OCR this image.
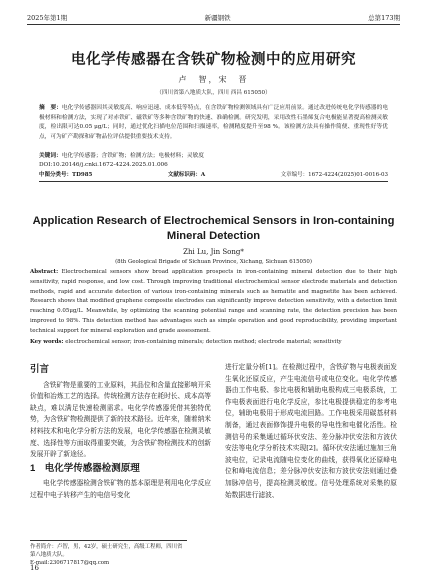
2025年第1期	新疆钢铁	总第173期
电化学传感器在含铁矿物检测中的应用研究
卢　智，宋　晋
（四川省第八地质大队，四川 西昌 615050）
摘　要：电化学传感器因其灵敏度高、响应迅速、成本低等特点，在含铁矿物检测领域具有广泛应用前景。通过改进传统电化学传感器的电极材料和检测方法，实现了对赤铁矿、磁铁矿等多种含铁矿物的快速、准确检测。研究发明，采用改性石墨烯复合电极能显著提高检测灵敏度，检出限可达0.05 μg/L；同时，通过优化扫描电位范围和扫描速率，检测精度提升至98 %。该检测方法具有操作简便、重现性好等优点，可为矿产勘探和矿物品位评估提供重要技术支持。
关键词：电化学传感器；含铁矿物；检测方法；电极材料；灵敏度
DOI:10.20146/j.cnki.1672-4224.2025.01.006
中图分类号：TD985	文献标识码：A	文章编号：1672-4224(2025)01-0016-03
Application Research of Electrochemical Sensors in Iron-containing Mineral Detection
Zhi Lu, Jin Song*
(8th Geological Brigade of Sichuan Province, Xichang, Sichuan 615050)
Abstract: Electrochemical sensors show broad application prospects in iron-containing mineral detection due to their high sensitivity, rapid response, and low cost. Through improving traditional electrochemical sensor electrode materials and detection methods, rapid and accurate detection of various iron-containing minerals such as hematite and magnetite has been achieved. Research shows that modified graphene composite electrodes can significantly improve detection sensitivity, with a detection limit reaching 0.05μg/L. Meanwhile, by optimizing the scanning potential range and scanning rate, the detection precision has been improved to 98%. This detection method has advantages such as simple operation and good reproducibility, providing important technical support for mineral exploration and grade assessment.
Key words: electrochemical sensor; iron-containing minerals; detection method; electrode material; sensitivity
引言

含铁矿物是重要的工业原料，其品位和含量直接影响开采价值和冶炼工艺的选择。传统检测方法存在耗时长、成本高等缺点，难以满足快速检测需求。电化学传感器凭借其独特优势，为含铁矿物检测提供了新的技术路径。近年来，随着纳米材料技术和电化学分析方法的发展，电化学传感器在检测灵敏度、选择性等方面取得重要突破，为含铁矿物检测技术的创新发展开辟了新途径。

1　电化学传感器检测原理

电化学传感器检测含铁矿物的基本原理是利用电化学反应过程中电子转移产生的电信号变化

进行定量分析[1]。在检测过程中，含铁矿物与电极表面发生氧化还原反应，产生电流信号或电位变化。电化学传感器由工作电极、参比电极和辅助电极构成三电极系统，工作电极表面进行电化学反应，参比电极提供稳定的参考电位，辅助电极用于形成电流回路。工作电极采用碳基材料制备，通过表面修饰提升电极的导电性和电催化活性。检测信号的采集通过循环伏安法、差分脉冲伏安法和方波伏安法等电化学分析技术实现[2]。循环伏安法通过施加三角波电位，记录电流随电位变化的曲线，获得氧化还原峰电位和峰电流信息；差分脉冲伏安法和方波伏安法则通过叠加脉冲信号，提高检测灵敏度。信号处理系统对采集的原始数据进行滤波、

作者简介：卢智，男，42岁，硕士研究生，高级工程师，四川省第八地质大队。
E-mail:2306717817@qq.com
16
